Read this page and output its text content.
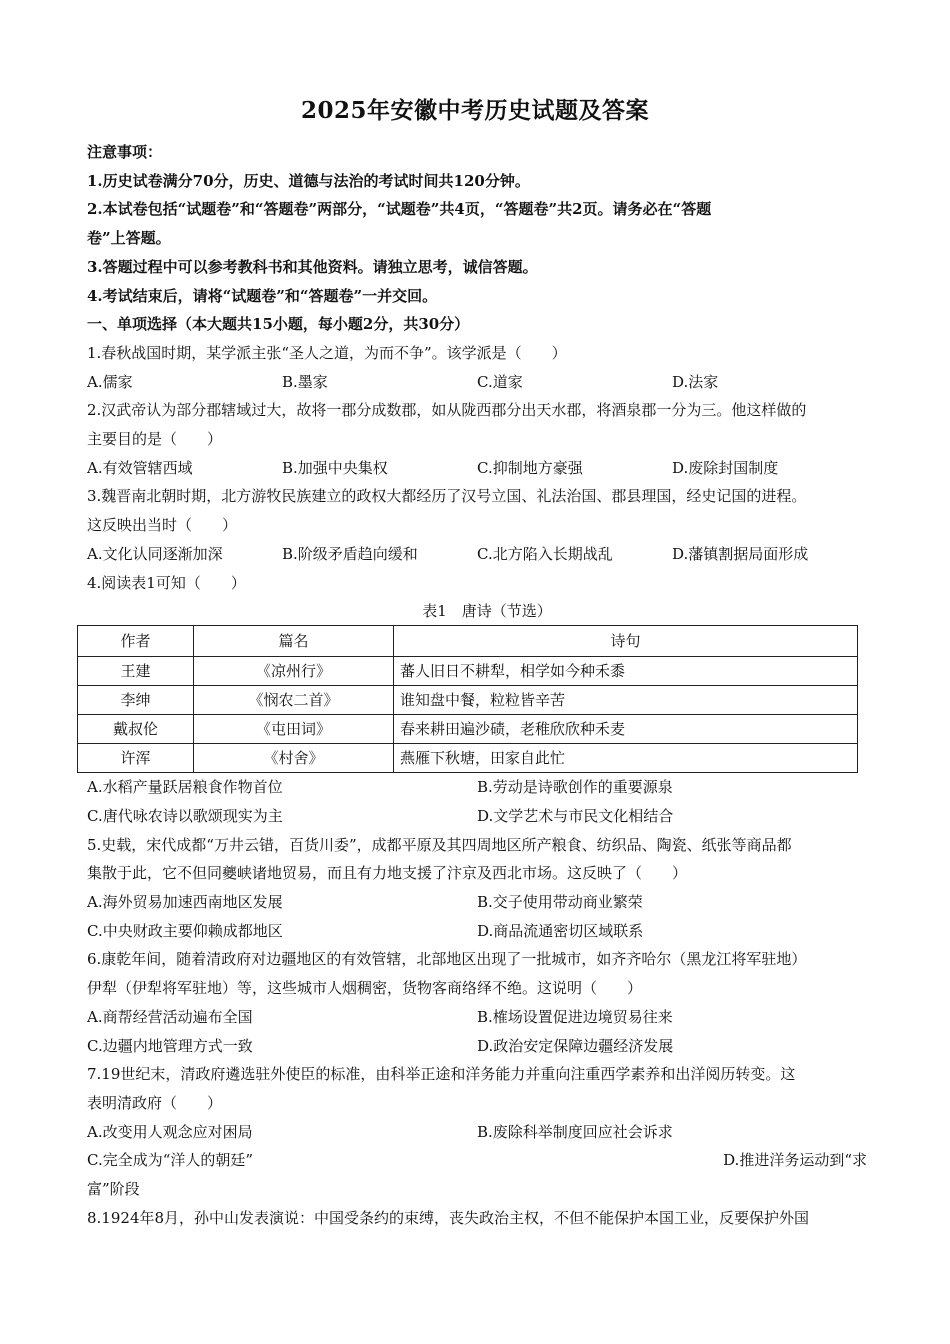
2025年安徽中考历史试题及答案
注意事项：
1.历史试卷满分70分，历史、道德与法治的考试时间共120分钟。
2.本试卷包括“试题卷”和“答题卷”两部分，“试题卷”共4页，“答题卷”共2页。请务必在“答题
卷”上答题。
3.答题过程中可以参考教科书和其他资料。请独立思考，诚信答题。
4.考试结束后，请将“试题卷”和“答题卷”一并交回。
一、单项选择（本大题共15小题，每小题2分，共30分）
1.春秋战国时期，某学派主张“圣人之道，为而不争”。该学派是（　　）
A.儒家	B.墨家	C.道家	D.法家
2.汉武帝认为部分郡辖域过大，故将一郡分成数郡，如从陇西郡分出天水郡，将酒泉郡一分为三。他这样做的
主要目的是（　　）
A.有效管辖西域	B.加强中央集权	C.抑制地方豪强	D.废除封国制度
3.魏晋南北朝时期，北方游牧民族建立的政权大都经历了汉号立国、礼法治国、郡县理国，经史记国的进程。
这反映出当时（　　）
A.文化认同逐渐加深	B.阶级矛盾趋向缓和	C.北方陷入长期战乱	D.藩镇割据局面形成
4.阅读表1可知（　　）
表1　唐诗（节选）
作者	篇名	诗句
王建	《凉州行》	蕃人旧日不耕犁，相学如今种禾黍
李绅	《悯农二首》	谁知盘中餐，粒粒皆辛苦
戴叔伦	《屯田词》	春来耕田遍沙碛，老稚欣欣种禾麦
许浑	《村舍》	燕雁下秋塘，田家自此忙
A.水稻产量跃居粮食作物首位	B.劳动是诗歌创作的重要源泉
C.唐代咏农诗以歌颂现实为主	D.文学艺术与市民文化相结合
5.史载，宋代成都“万井云错，百货川委”，成都平原及其四周地区所产粮食、纺织品、陶瓷、纸张等商品都
集散于此，它不但同夔峡诸地贸易，而且有力地支援了汴京及西北市场。这反映了（　　）
A.海外贸易加速西南地区发展	B.交子使用带动商业繁荣
C.中央财政主要仰赖成都地区	D.商品流通密切区域联系
6.康乾年间，随着清政府对边疆地区的有效管辖，北部地区出现了一批城市，如齐齐哈尔（黑龙江将军驻地）
伊犁（伊犁将军驻地）等，这些城市人烟稠密，货物客商络绎不绝。这说明（　　）
A.商帮经营活动遍布全国	B.榷场设置促进边境贸易往来
C.边疆内地管理方式一致	D.政治安定保障边疆经济发展
7.19世纪末，清政府遴选驻外使臣的标准，由科举正途和洋务能力并重向注重西学素养和出洋阅历转变。这
表明清政府（　　）
A.改变用人观念应对困局	B.废除科举制度回应社会诉求
C.完全成为“洋人的朝廷”	D.推进洋务运动到“求
富”阶段
8.1924年8月，孙中山发表演说：中国受条约的束缚，丧失政治主权，不但不能保护本国工业，反要保护外国
